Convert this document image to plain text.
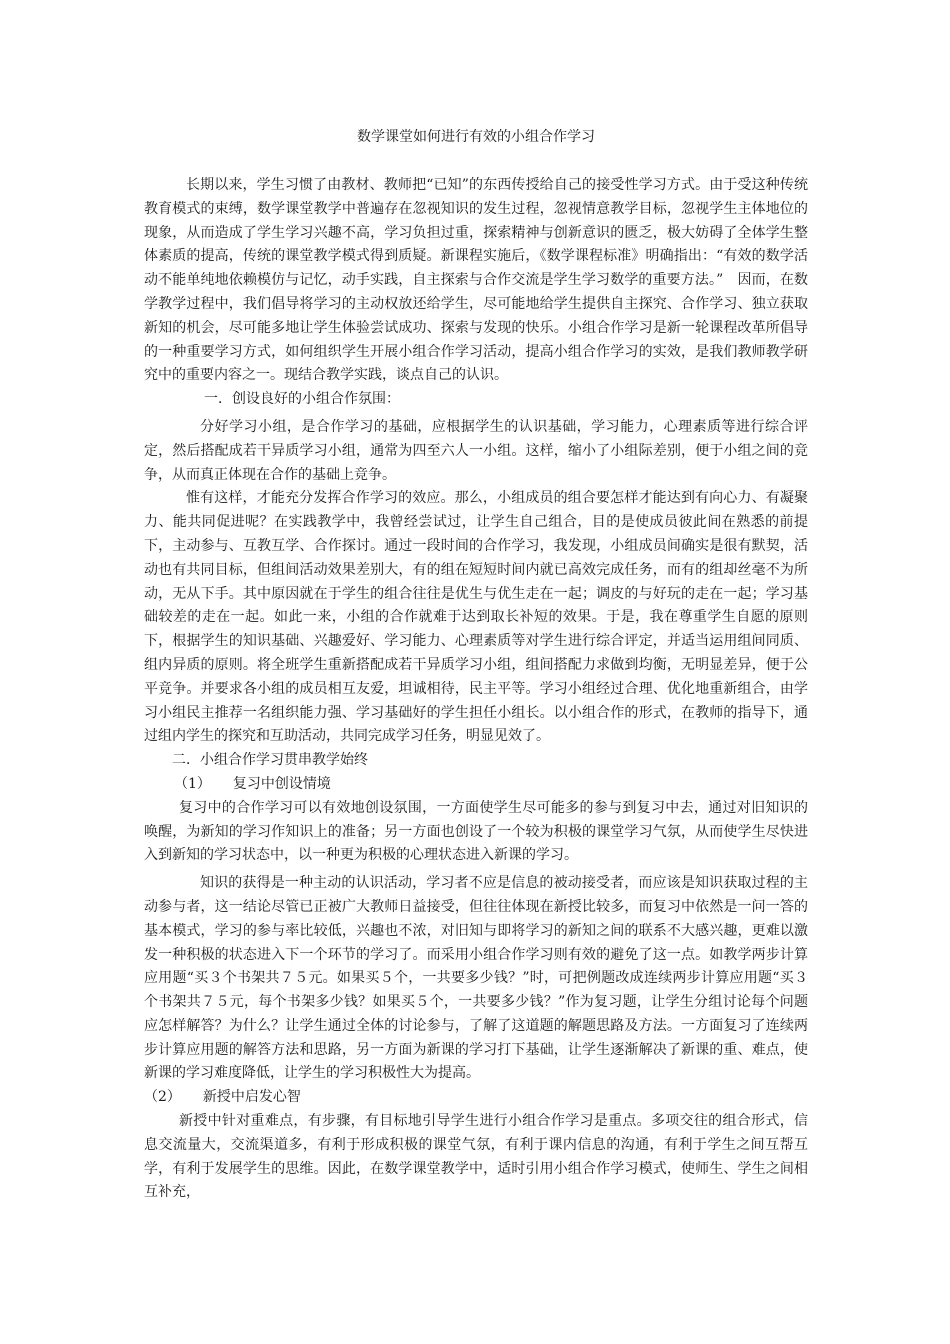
数学课堂如何进行有效的小组合作学习

长期以来，学生习惯了由教材、教师把“已知”的东西传授给自己的接受性学习方式。由于受这种传统教育模式的束缚，数学课堂教学中普遍存在忽视知识的发生过程，忽视情意教学目标，忽视学生主体地位的现象，从而造成了学生学习兴趣不高，学习负担过重，探索精神与创新意识的匮乏，极大妨碍了全体学生整体素质的提高，传统的课堂教学模式得到质疑。新课程实施后，《数学课程标准》明确指出：“有效的数学活动不能单纯地依赖模仿与记忆，动手实践，自主探索与合作交流是学生学习数学的重要方法。”　因而，在数学教学过程中，我们倡导将学习的主动权放还给学生，尽可能地给学生提供自主探究、合作学习、独立获取新知的机会，尽可能多地让学生体验尝试成功、探索与发现的快乐。小组合作学习是新一轮课程改革所倡导的一种重要学习方式，如何组织学生开展小组合作学习活动，提高小组合作学习的实效，是我们教师教学研究中的重要内容之一。现结合教学实践，谈点自己的认识。

一．创设良好的小组合作氛围：

分好学习小组，是合作学习的基础，应根据学生的认识基础，学习能力，心理素质等进行综合评定，然后搭配成若干异质学习小组，通常为四至六人一小组。这样，缩小了小组际差别，便于小组之间的竞争，从而真正体现在合作的基础上竞争。

惟有这样，才能充分发挥合作学习的效应。那么，小组成员的组合要怎样才能达到有向心力、有凝聚力、能共同促进呢？在实践教学中，我曾经尝试过，让学生自己组合，目的是使成员彼此间在熟悉的前提下，主动参与、互教互学、合作探讨。通过一段时间的合作学习，我发现，小组成员间确实是很有默契，活动也有共同目标，但组间活动效果差别大，有的组在短短时间内就已高效完成任务，而有的组却丝毫不为所动，无从下手。其中原因就在于学生的组合往往是优生与优生走在一起；调皮的与好玩的走在一起；学习基础较差的走在一起。如此一来，小组的合作就难于达到取长补短的效果。于是，我在尊重学生自愿的原则下，根据学生的知识基础、兴趣爱好、学习能力、心理素质等对学生进行综合评定，并适当运用组间同质、组内异质的原则。将全班学生重新搭配成若干异质学习小组，组间搭配力求做到均衡，无明显差异，便于公平竞争。并要求各小组的成员相互友爱，坦诚相待，民主平等。学习小组经过合理、优化地重新组合，由学习小组民主推荐一名组织能力强、学习基础好的学生担任小组长。以小组合作的形式，在教师的指导下，通过组内学生的探究和互助活动，共同完成学习任务，明显见效了。

二．小组合作学习贯串教学始终

（1） 复习中创设情境

复习中的合作学习可以有效地创设氛围，一方面使学生尽可能多的参与到复习中去，通过对旧知识的唤醒，为新知的学习作知识上的准备；另一方面也创设了一个较为积极的课堂学习气氛，从而使学生尽快进入到新知的学习状态中，以一种更为积极的心理状态进入新课的学习。

知识的获得是一种主动的认识活动，学习者不应是信息的被动接受者，而应该是知识获取过程的主动参与者，这一结论尽管已正被广大教师日益接受，但往往体现在新授比较多，而复习中依然是一问一答的基本模式，学习的参与率比较低，兴趣也不浓，对旧知与即将学习的新知之间的联系不大感兴趣，更难以激发一种积极的状态进入下一个环节的学习了。而采用小组合作学习则有效的避免了这一点。如教学两步计算应用题“买３个书架共７５元。如果买５个，一共要多少钱？”时，可把例题改成连续两步计算应用题“买３个书架共７５元，每个书架多少钱？如果买５个，一共要多少钱？”作为复习题，让学生分组讨论每个问题应怎样解答？为什么？让学生通过全体的讨论参与，了解了这道题的解题思路及方法。一方面复习了连续两步计算应用题的解答方法和思路，另一方面为新课的学习打下基础，让学生逐渐解决了新课的重、难点，使新课的学习难度降低，让学生的学习积极性大为提高。

（2） 新授中启发心智

新授中针对重难点，有步骤，有目标地引导学生进行小组合作学习是重点。多项交往的组合形式，信息交流量大，交流渠道多，有利于形成积极的课堂气氛，有利于课内信息的沟通，有利于学生之间互帮互学，有利于发展学生的思维。因此，在数学课堂教学中，适时引用小组合作学习模式，使师生、学生之间相互补充，
